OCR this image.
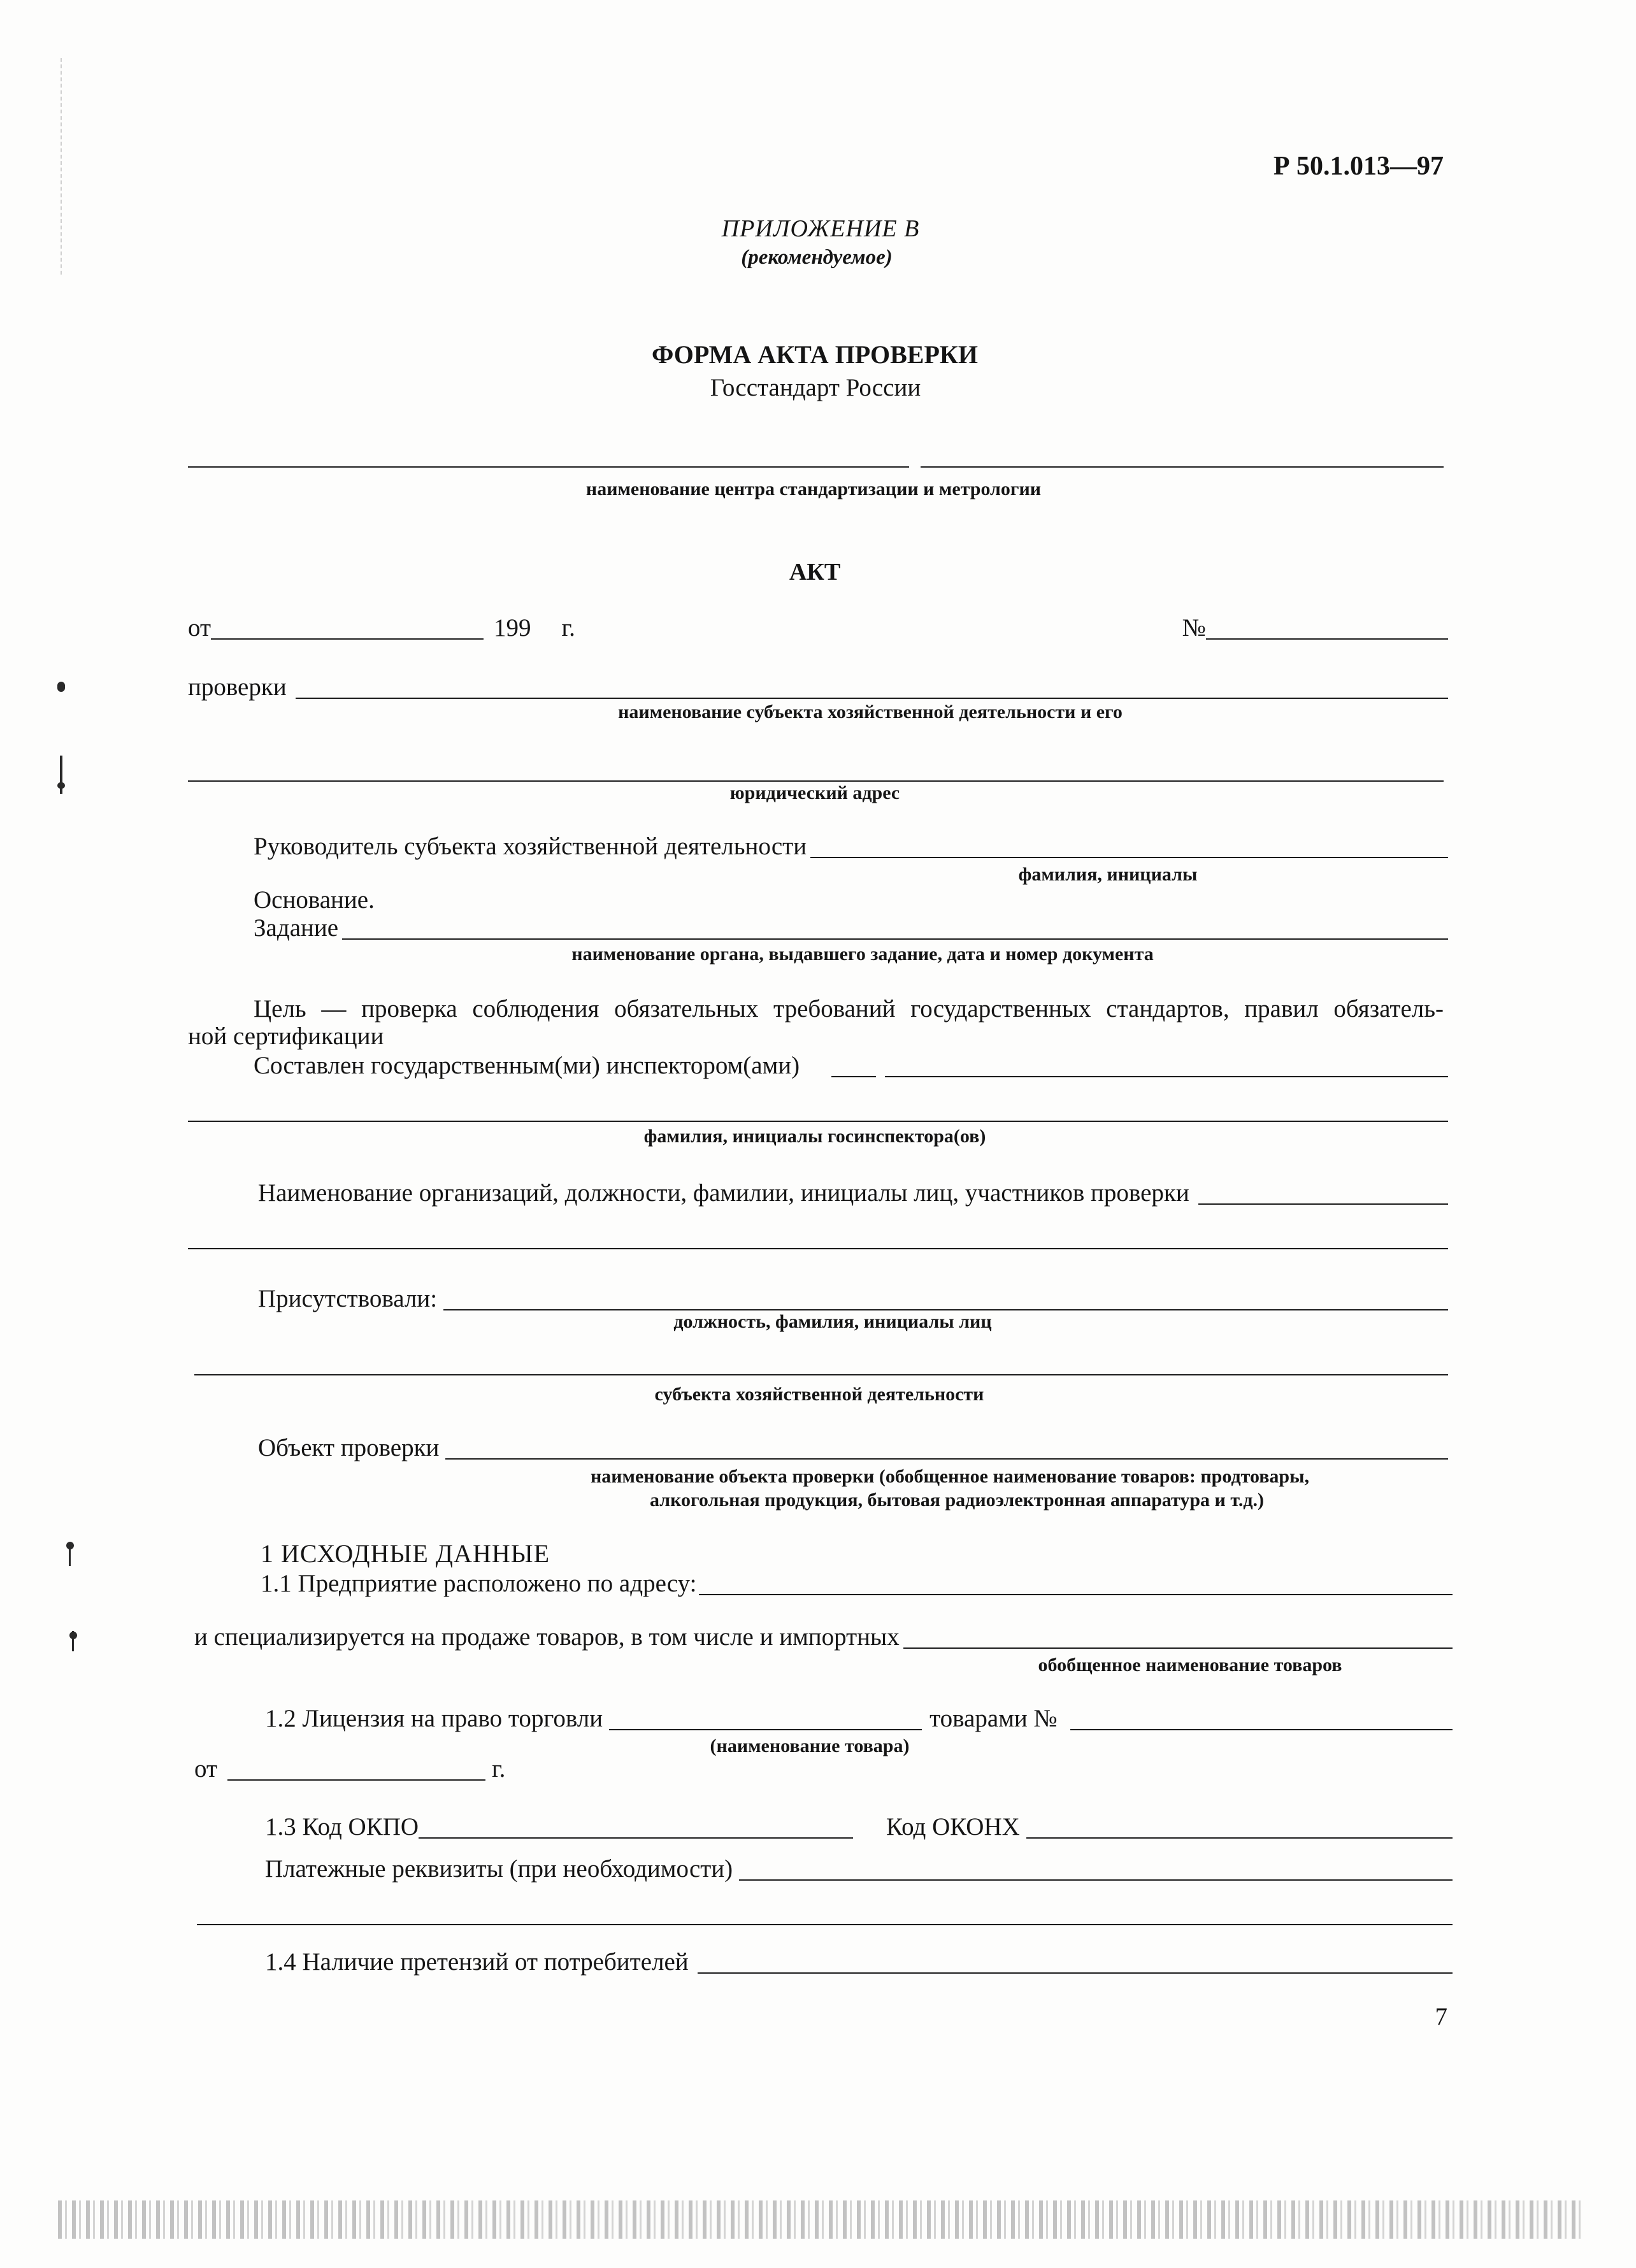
Р 50.1.013—97
ПРИЛОЖЕНИЕ В
(рекомендуемое)
ФОРМА АКТА ПРОВЕРКИ
Госстандарт России
наименование центра стандартизации и метрологии
АКТ
от	199 г.	№
проверки
наименование субъекта хозяйственной деятельности и его
юридический адрес
Руководитель субъекта хозяйственной деятельности
фамилия, инициалы
Основание.
Задание
наименование органа, выдавшего задание, дата и номер документа
Цель — проверка соблюдения обязательных требований государственных стандартов, правил обязатель-
ной сертификации
Составлен государственным(ми) инспектором(ами)
фамилия, инициалы госинспектора(ов)
Наименование организаций, должности, фамилии, инициалы лиц, участников проверки
Присутствовали:
должность, фамилия, инициалы лиц
субъекта хозяйственной деятельности
Объект проверки
наименование объекта проверки (обобщенное наименование товаров: продтовары,
алкогольная продукция, бытовая радиоэлектронная аппаратура и т.д.)
1 ИСХОДНЫЕ ДАННЫЕ
1.1 Предприятие расположено по адресу:
и специализируется на продаже товаров, в том числе и импортных
обобщенное наименование товаров
1.2 Лицензия на право торговли	товарами №
(наименование товара)
от	г.
1.3 Код ОКПО	Код ОКОНХ
Платежные реквизиты (при необходимости)
1.4 Наличие претензий от потребителей
7
